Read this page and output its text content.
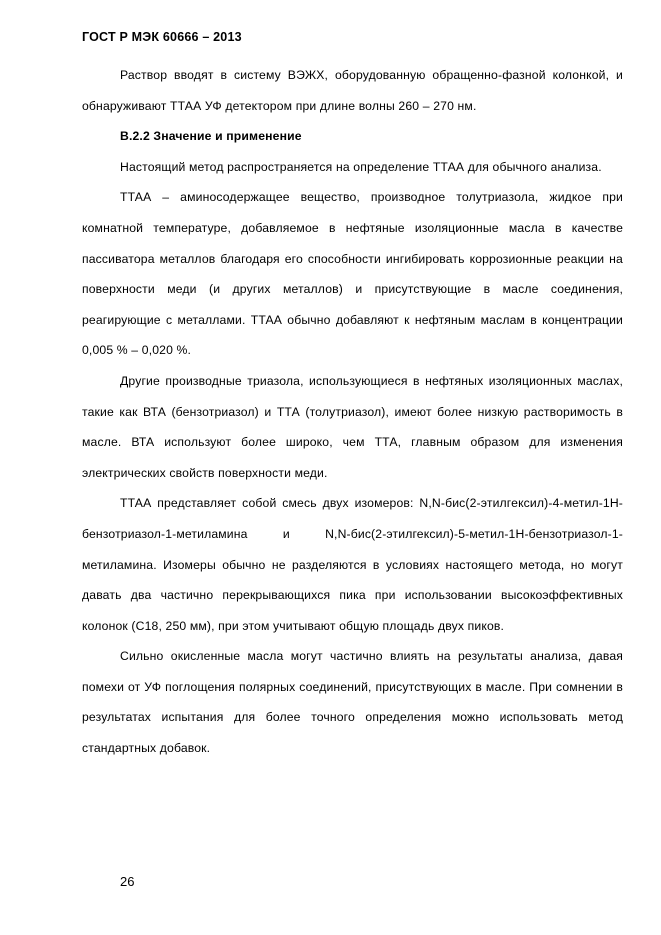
ГОСТ Р МЭК 60666 – 2013

Раствор вводят в систему ВЭЖХ, оборудованную обращенно-фазной колонкой, и обнаруживают ТТАА УФ детектором при длине волны 260 – 270 нм.

B.2.2 Значение и применение

Настоящий метод распространяется на определение ТТАА для обычного анализа.

ТТАА – аминосодержащее вещество, производное толутриазола, жидкое при комнатной температуре, добавляемое в нефтяные изоляционные масла в качестве пассиватора металлов благодаря его способности ингибировать коррозионные реакции на поверхности меди (и других металлов) и присутствующие в масле соединения, реагирующие с металлами. ТТАА обычно добавляют к нефтяным маслам в концентрации 0,005 % – 0,020 %.

Другие производные триазола, использующиеся в нефтяных изоляционных маслах, такие как ВТА (бензотриазол) и ТТА (толутриазол), имеют более низкую растворимость в масле. ВТА используют более широко, чем ТТА, главным образом для изменения электрических свойств поверхности меди.

ТТАА представляет собой смесь двух изомеров: N,N-бис(2-этилгексил)-4-метил-1Н-бензотриазол-1-метиламина и N,N-бис(2-этилгексил)-5-метил-1Н-бензотриазол-1-метиламина. Изомеры обычно не разделяются в условиях настоящего метода, но могут давать два частично перекрывающихся пика при использовании высокоэффективных колонок (С18, 250 мм), при этом учитывают общую площадь двух пиков.

Сильно окисленные масла могут частично влиять на результаты анализа, давая помехи от УФ поглощения полярных соединений, присутствующих в масле. При сомнении в результатах испытания для более точного определения можно использовать метод стандартных добавок.

26
